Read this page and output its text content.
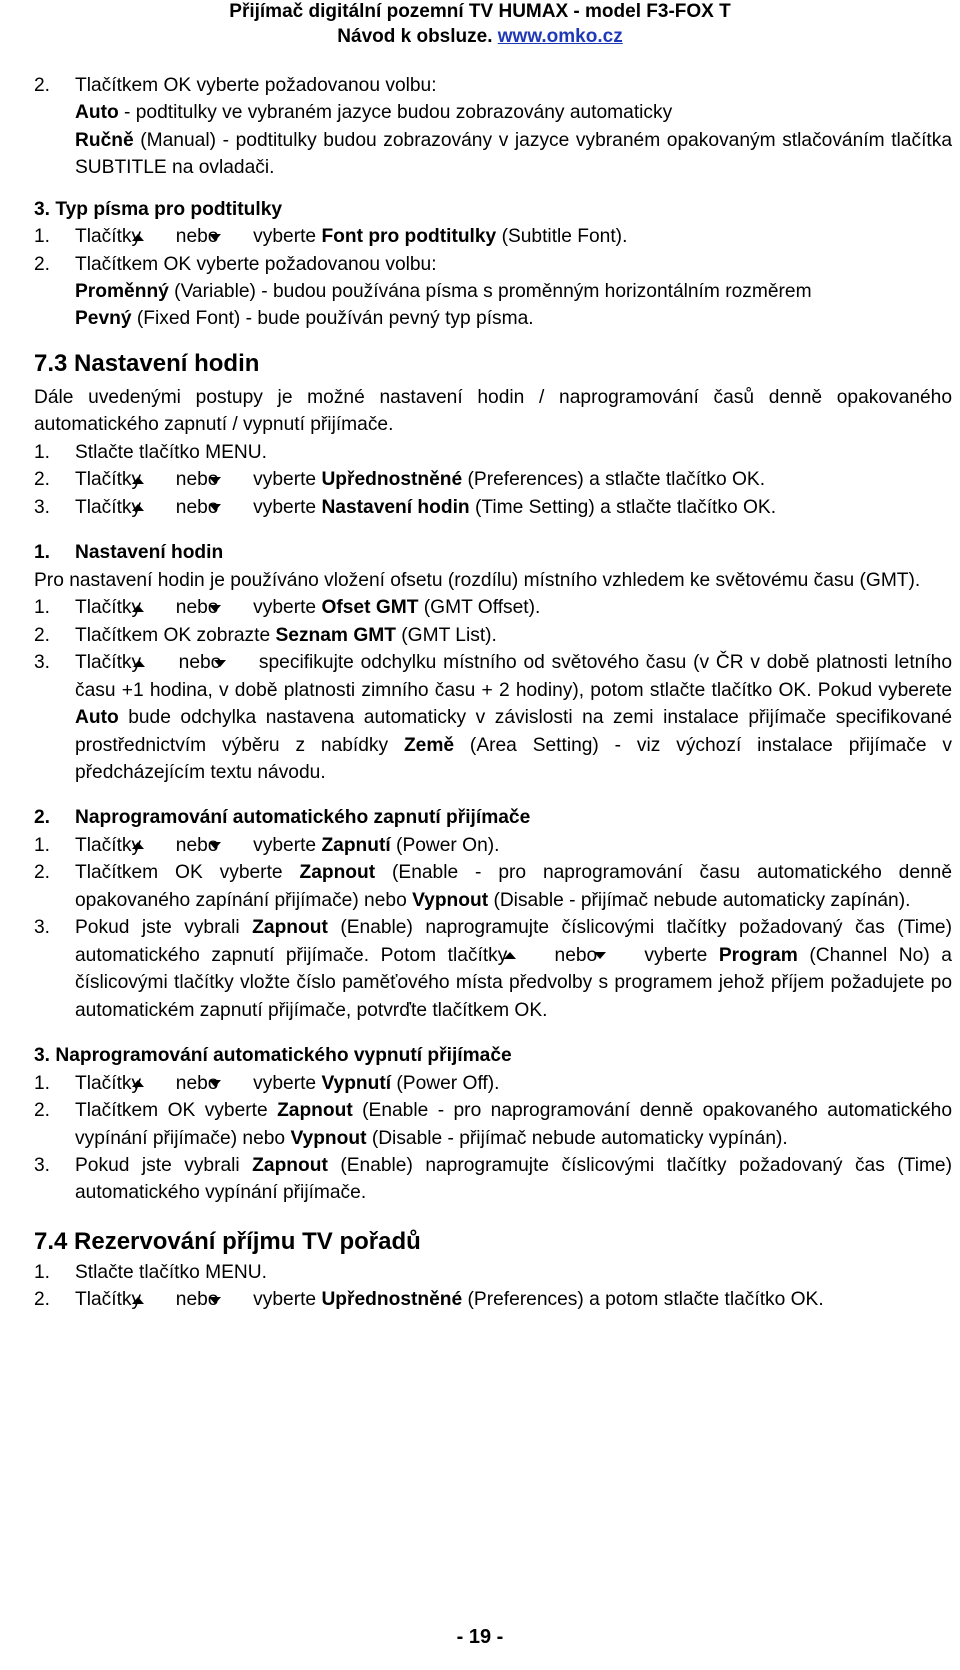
Přijímač digitální pozemní TV HUMAX - model F3-FOX T
Návod k obsluze. www.omko.cz
2. Tlačítkem OK vyberte požadovanou volbu:
Auto - podtitulky ve vybraném jazyce budou zobrazovány automaticky
Ručně (Manual) - podtitulky budou zobrazovány v jazyce vybraném opakovaným stlačováním tlačítka SUBTITLE na ovladači.
3. Typ písma pro podtitulky
1. Tlačítky nebo vyberte Font pro podtitulky (Subtitle Font).
2. Tlačítkem OK vyberte požadovanou volbu:
Proměnný (Variable) - budou používána písma s proměnným horizontálním rozměrem
Pevný (Fixed Font) - bude používán pevný typ písma.
7.3 Nastavení hodin
Dále uvedenými postupy je možné nastavení hodin / naprogramování časů denně opakovaného automatického zapnutí / vypnutí přijímače.
1. Stlačte tlačítko MENU.
2. Tlačítky nebo vyberte Upřednostněné (Preferences) a stlačte tlačítko OK.
3. Tlačítky nebo vyberte Nastavení hodin (Time Setting) a stlačte tlačítko OK.
1. Nastavení hodin
Pro nastavení hodin je používáno vložení ofsetu (rozdílu) místního vzhledem ke světovému času (GMT).
1. Tlačítky nebo vyberte Ofset GMT (GMT Offset).
2. Tlačítkem OK zobrazte Seznam GMT (GMT List).
3. Tlačítky nebo specifikujte odchylku místního od světového času (v ČR v době platnosti letního času +1 hodina, v době platnosti zimního času + 2 hodiny), potom stlačte tlačítko OK. Pokud vyberete Auto bude odchylka nastavena automaticky v závislosti na zemi instalace přijímače specifikované prostřednictvím výběru z nabídky Země (Area Setting) - viz výchozí instalace přijímače v předcházejícím textu návodu.
2. Naprogramování automatického zapnutí přijímače
1. Tlačítky nebo vyberte Zapnutí (Power On).
2. Tlačítkem OK vyberte Zapnout (Enable - pro naprogramování času automatického denně opakovaného zapínání přijímače) nebo Vypnout (Disable - přijímač nebude automaticky zapínán).
3. Pokud jste vybrali Zapnout (Enable) naprogramujte číslicovými tlačítky požadovaný čas (Time) automatického zapnutí přijímače. Potom tlačítky nebo vyberte Program (Channel No) a číslicovými tlačítky vložte číslo paměťového místa předvolby s programem jehož příjem požadujete po automatickém zapnutí přijímače, potvrďte tlačítkem OK.
3. Naprogramování automatického vypnutí přijímače
1. Tlačítky nebo vyberte Vypnutí (Power Off).
2. Tlačítkem OK vyberte Zapnout (Enable - pro naprogramování denně opakovaného automatického vypínání přijímače) nebo Vypnout (Disable - přijímač nebude automaticky vypínán).
3. Pokud jste vybrali Zapnout (Enable) naprogramujte číslicovými tlačítky požadovaný čas (Time) automatického vypínání přijímače.
7.4 Rezervování příjmu TV pořadů
1. Stlačte tlačítko MENU.
2. Tlačítky nebo vyberte Upřednostněné (Preferences) a potom stlačte tlačítko OK.
- 19 -
